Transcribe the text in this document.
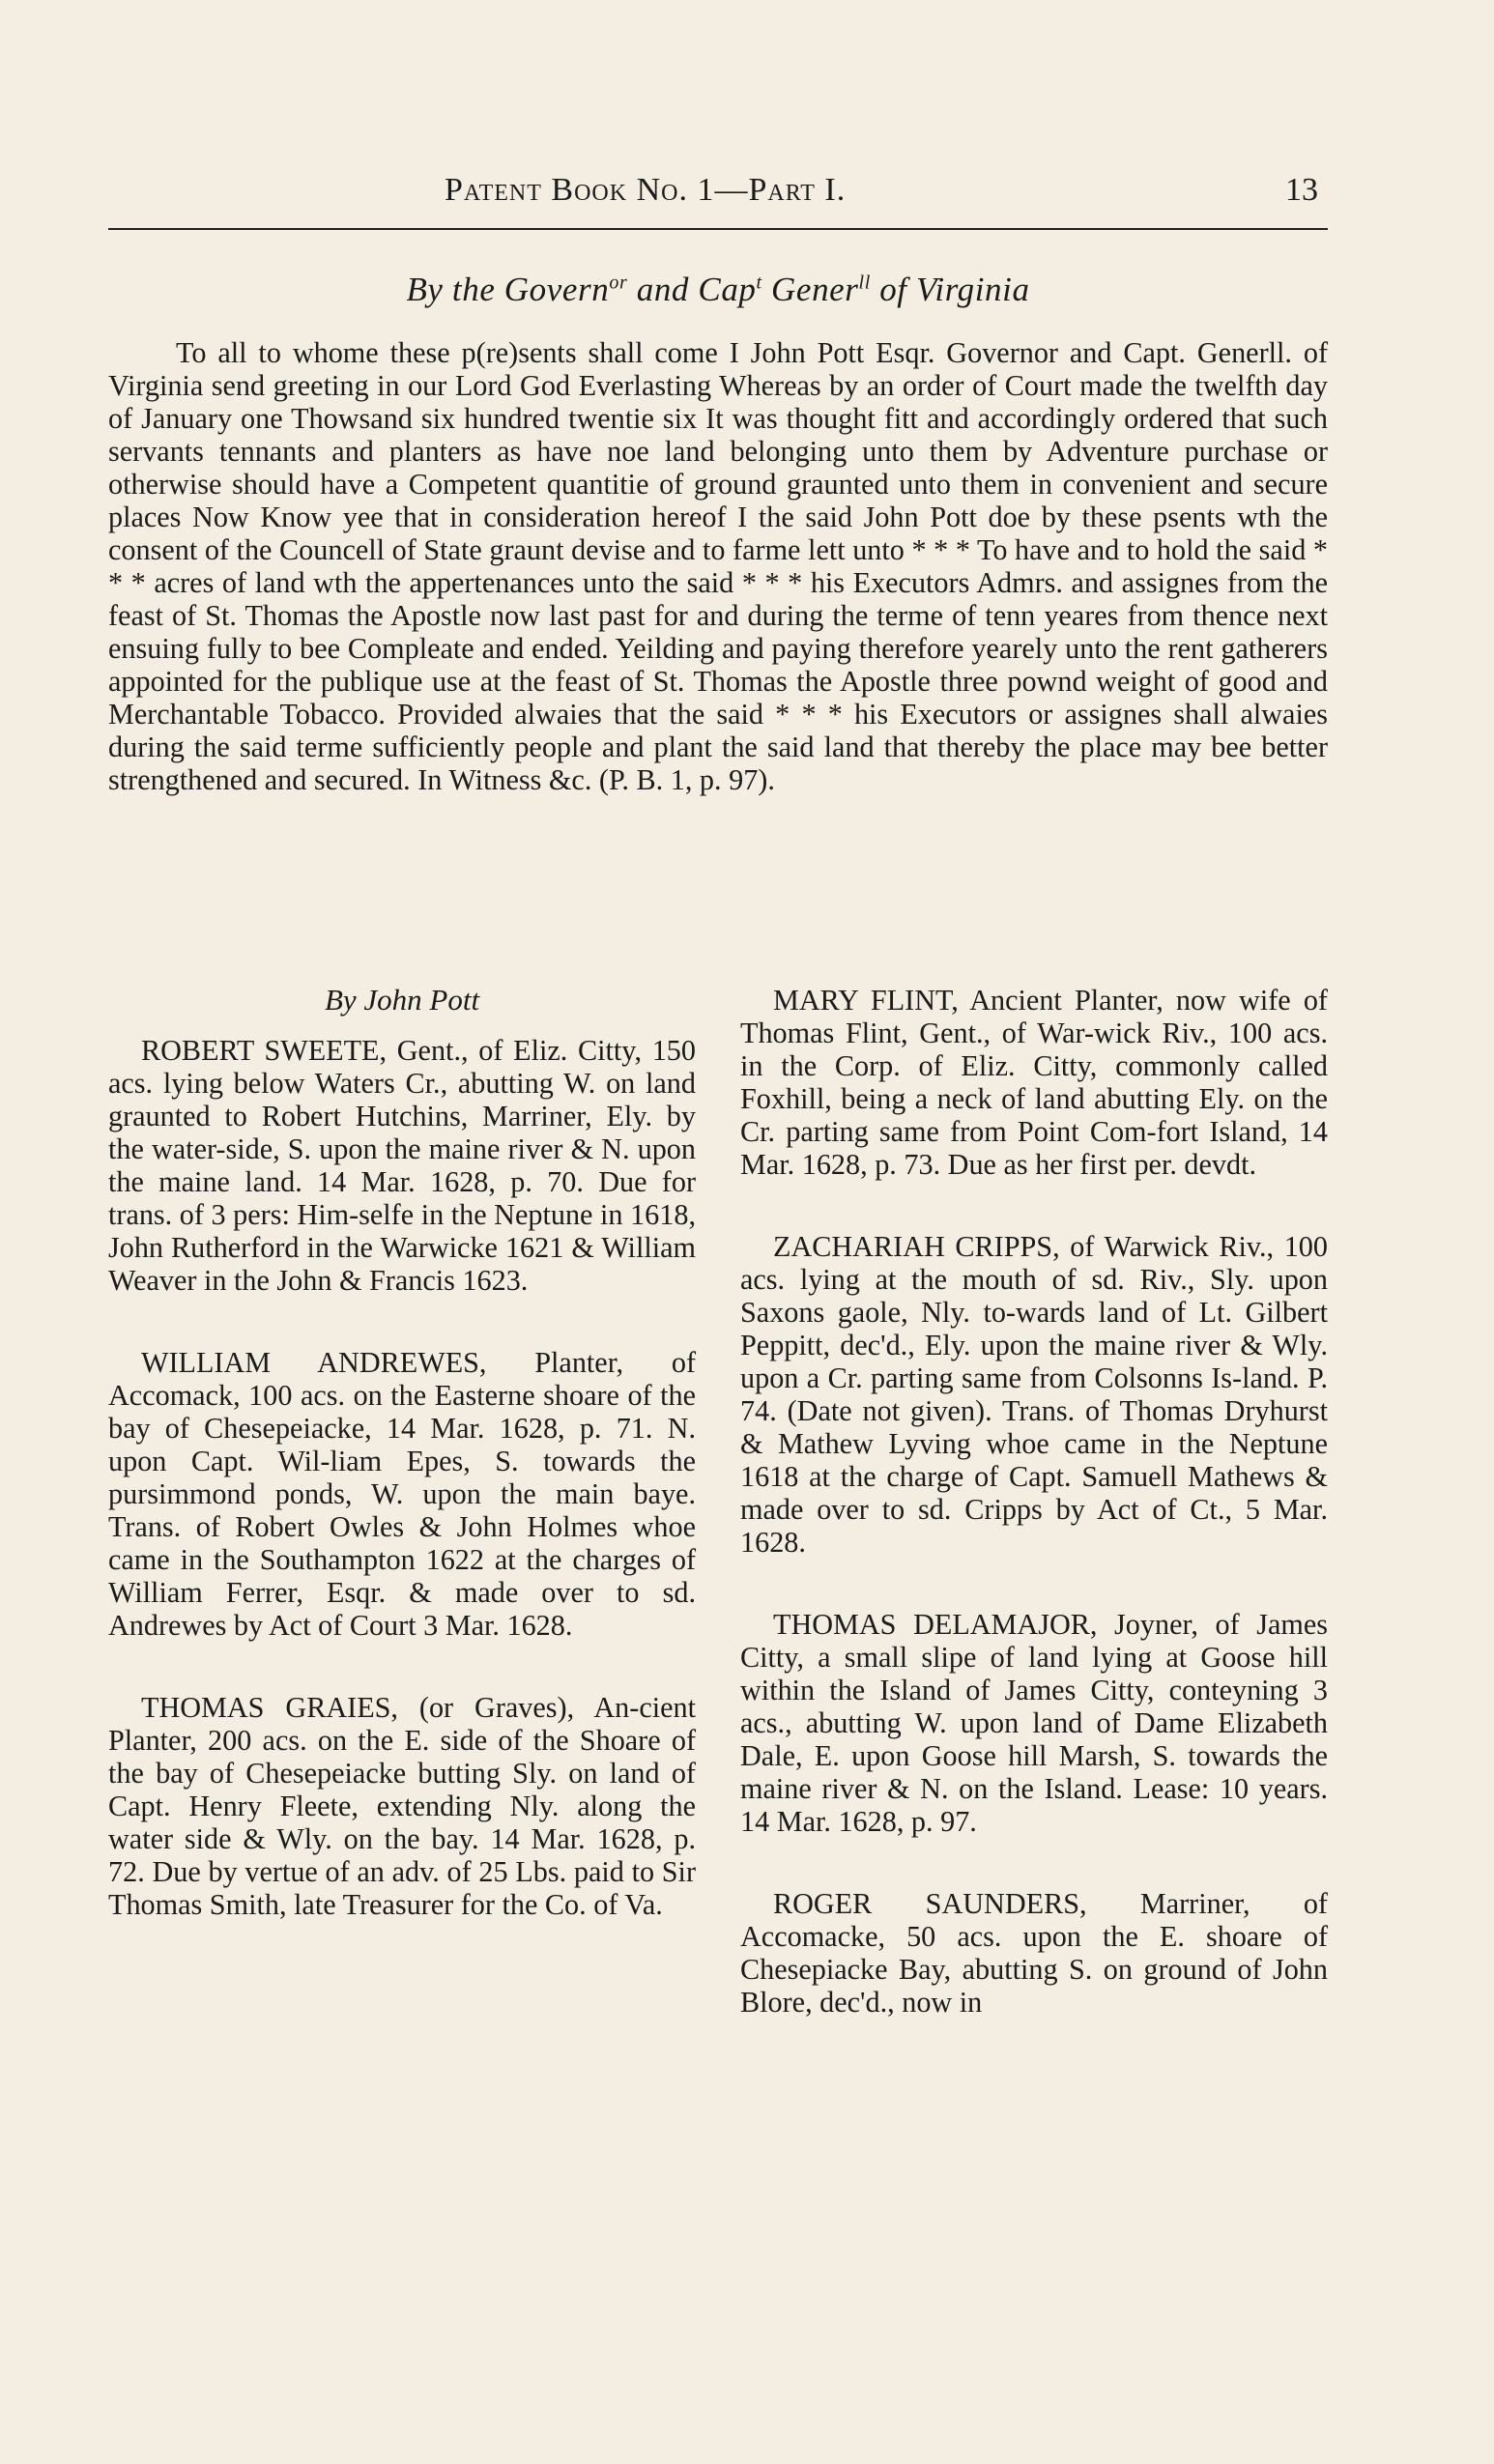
Patent Book No. 1—Part I.	13
By the Govern$^{or}$ and Cap$^t$ Gener$^{ll}$ of Virginia

To all to whome these p(re)sents shall come I John Pott Esqr. Governor and Capt. Generll. of Virginia send greeting in our Lord God Everlasting Whereas by an order of Court made the twelfth day of January one Thowsand six hundred twentie six It was thought fitt and accordingly ordered that such servants tennants and planters as have noe land belonging unto them by Adventure purchase or otherwise should have a Competent quantitie of ground graunted unto them in convenient and secure places Now Know yee that in consideration hereof I the said John Pott doe by these psents wth the consent of the Councell of State graunt devise and to farme lett unto * * * To have and to hold the said * * * acres of land wth the appertenances unto the said * * * his Executors Admrs. and assignes from the feast of St. Thomas the Apostle now last past for and during the terme of tenn yeares from thence next ensuing fully to bee Compleate and ended. Yeilding and paying therefore yearely unto the rent gatherers appointed for the publique use at the feast of St. Thomas the Apostle three pownd weight of good and Merchantable Tobacco. Provided alwaies that the said * * * his Executors or assignes shall alwaies during the said terme sufficiently people and plant the said land that thereby the place may bee better strengthened and secured. In Witness &c. (P. B. 1, p. 97).

By John Pott

ROBERT SWEETE, Gent., of Eliz. Citty, 150 acs. lying below Waters Cr., abutting W. on land graunted to Robert Hutchins, Marriner, Ely. by the water-side, S. upon the maine river & N. upon the maine land. 14 Mar. 1628, p. 70. Due for trans. of 3 pers: Him-selfe in the Neptune in 1618, John Rutherford in the Warwicke 1621 & William Weaver in the John & Francis 1623.

WILLIAM ANDREWES, Planter, of Accomack, 100 acs. on the Easterne shoare of the bay of Chesepeiacke, 14 Mar. 1628, p. 71. N. upon Capt. Wil-liam Epes, S. towards the pursimmond ponds, W. upon the main baye. Trans. of Robert Owles & John Holmes whoe came in the Southampton 1622 at the charges of William Ferrer, Esqr. & made over to sd. Andrewes by Act of Court 3 Mar. 1628.

THOMAS GRAIES, (or Graves), An-cient Planter, 200 acs. on the E. side of the Shoare of the bay of Chesepeiacke butting Sly. on land of Capt. Henry Fleete, extending Nly. along the water side & Wly. on the bay. 14 Mar. 1628, p. 72. Due by vertue of an adv. of 25 Lbs. paid to Sir Thomas Smith, late Treasurer for the Co. of Va.

MARY FLINT, Ancient Planter, now wife of Thomas Flint, Gent., of War-wick Riv., 100 acs. in the Corp. of Eliz. Citty, commonly called Foxhill, being a neck of land abutting Ely. on the Cr. parting same from Point Com-fort Island, 14 Mar. 1628, p. 73. Due as her first per. devdt.

ZACHARIAH CRIPPS, of Warwick Riv., 100 acs. lying at the mouth of sd. Riv., Sly. upon Saxons gaole, Nly. to-wards land of Lt. Gilbert Peppitt, dec'd., Ely. upon the maine river & Wly. upon a Cr. parting same from Colsonns Is-land. P. 74. (Date not given). Trans. of Thomas Dryhurst & Mathew Lyving whoe came in the Neptune 1618 at the charge of Capt. Samuell Mathews & made over to sd. Cripps by Act of Ct., 5 Mar. 1628.

THOMAS DELAMAJOR, Joyner, of James Citty, a small slipe of land lying at Goose hill within the Island of James Citty, conteyning 3 acs., abutting W. upon land of Dame Elizabeth Dale, E. upon Goose hill Marsh, S. towards the maine river & N. on the Island. Lease: 10 years. 14 Mar. 1628, p. 97.

ROGER SAUNDERS, Marriner, of Accomacke, 50 acs. upon the E. shoare of Chesepiacke Bay, abutting S. on ground of John Blore, dec'd., now in
